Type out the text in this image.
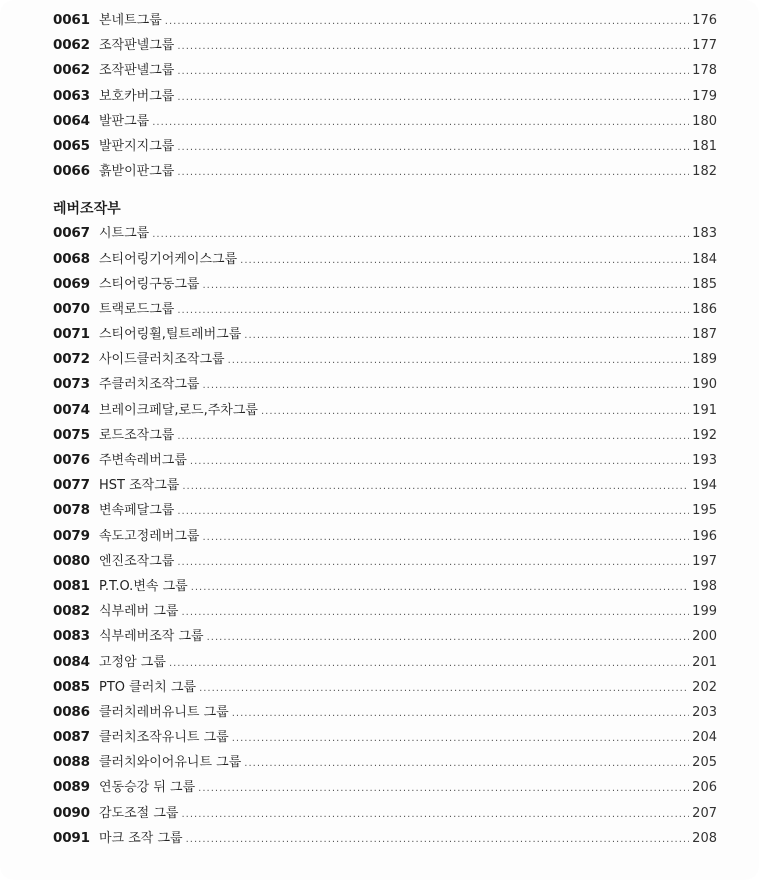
0061 본네트그룹 .....	176
0062 조작판넬그룹 .....	177
0062 조작판넬그룹 .....	178
0063 보호카버그룹 .....	179
0064 발판그룹 .....	180
0065 발판지지그룹 .....	181
0066 흙받이판그룹 .....	182
레버조작부
0067 시트그룹 .....	183
0068 스티어링기어케이스그룹 .....	184
0069 스티어링구동그룹 .....	185
0070 트랙로드그룹 .....	186
0071 스티어링휠,틸트레버그룹 .....	187
0072 사이드클러치조작그룹 .....	189
0073 주클러치조작그룹 .....	190
0074 브레이크페달,로드,주차그룹 .....	191
0075 로드조작그룹 .....	192
0076 주변속레버그룹 .....	193
0077 HST 조작그룹 .....	194
0078 변속페달그룹 .....	195
0079 속도고정레버그룹 .....	196
0080 엔진조작그룹 .....	197
0081 P.T.O.변속 그룹 .....	198
0082 식부레버 그룹 .....	199
0083 식부레버조작 그룹 .....	200
0084 고정암 그룹 .....	201
0085 PTO 클러치 그룹 .....	202
0086 클러치레버유니트 그룹 .....	203
0087 클러치조작유니트 그룹 .....	204
0088 클러치와이어유니트 그룹 .....	205
0089 연동승강 뒤 그룹 .....	206
0090 감도조절 그룹 .....	207
0091 마크 조작 그룹 .....	208
